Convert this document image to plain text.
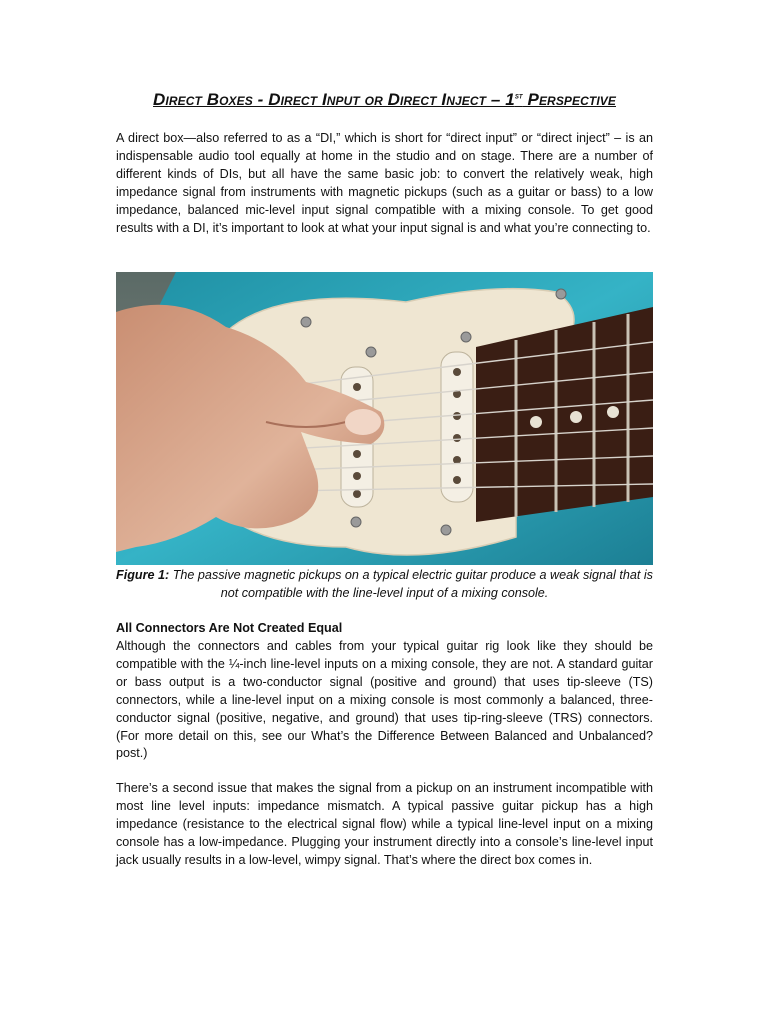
Direct Boxes - Direct Input or Direct Inject – 1st Perspective

A direct box—also referred to as a “DI,” which is short for “direct input” or “direct inject” – is an indispensable audio tool equally at home in the studio and on stage. There are a number of different kinds of DIs, but all have the same basic job: to convert the relatively weak, high impedance signal from instruments with magnetic pickups (such as a guitar or bass) to a low impedance, balanced mic-level input signal compatible with a mixing console. To get good results with a DI, it’s important to look at what your input signal is and what you’re connecting to.

Figure 1: The passive magnetic pickups on a typical electric guitar produce a weak signal that is not compatible with the line-level input of a mixing console.

All Connectors Are Not Created Equal

Although the connectors and cables from your typical guitar rig look like they should be compatible with the ¼-inch line-level inputs on a mixing console, they are not. A standard guitar or bass output is a two-conductor signal (positive and ground) that uses tip-sleeve (TS) connectors, while a line-level input on a mixing console is most commonly a balanced, three-conductor signal (positive, negative, and ground) that uses tip-ring-sleeve (TRS) connectors. (For more detail on this, see our What’s the Difference Between Balanced and Unbalanced? post.)

There’s a second issue that makes the signal from a pickup on an instrument incompatible with most line level inputs: impedance mismatch. A typical passive guitar pickup has a high impedance (resistance to the electrical signal flow) while a typical line-level input on a mixing console has a low-impedance. Plugging your instrument directly into a console’s line-level input jack usually results in a low-level, wimpy signal. That’s where the direct box comes in.
